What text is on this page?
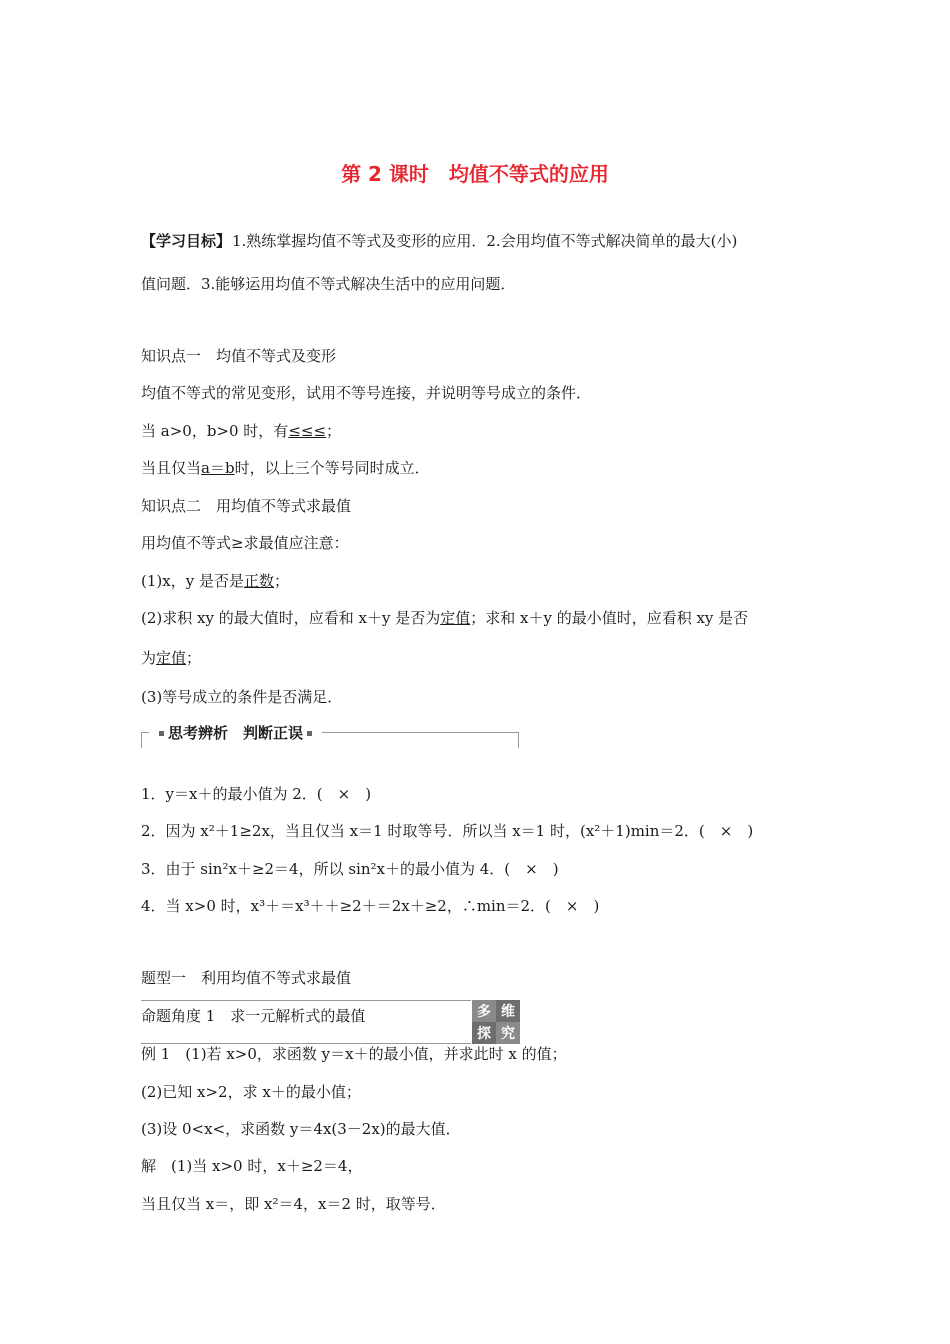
第 2 课时　均值不等式的应用
【学习目标】 1.熟练掌握均值不等式及变形的应用．2.会用均值不等式解决简单的最大(小)
值问题．3.能够运用均值不等式解决生活中的应用问题．
知识点一　均值不等式及变形
均值不等式的常见变形，试用不等号连接，并说明等号成立的条件．
当 a>0，b>0 时，有≤≤≤；
当且仅当a＝b时，以上三个等号同时成立．
知识点二　用均值不等式求最值
用均值不等式≥求最值应注意：
(1)x，y 是否是正数；
(2)求积 xy 的最大值时，应看和 x＋y 是否为定值；求和 x＋y 的最小值时，应看积 xy 是否
为定值；
(3)等号成立的条件是否满足．
思考辨析　判断正误
1．y＝x＋的最小值为 2．(　×　)
2．因为 x²＋1≥2x，当且仅当 x＝1 时取等号．所以当 x＝1 时，(x²＋1)min＝2．(　×　)
3．由于 sin²x＋≥2＝4，所以 sin²x＋的最小值为 4．(　×　)
4．当 x>0 时，x³＋＝x³＋＋≥2＋＝2x＋≥2，∴min＝2．(　×　)
题型一　利用均值不等式求最值
命题角度 1　求一元解析式的最值	多 维
探 究
例 1　(1)若 x>0，求函数 y＝x＋的最小值，并求此时 x 的值；
(2)已知 x>2，求 x＋的最小值；
(3)设 0<x<，求函数 y＝4x(3－2x)的最大值．
解　(1)当 x>0 时，x＋≥2＝4，
当且仅当 x＝，即 x²＝4，x＝2 时，取等号．
